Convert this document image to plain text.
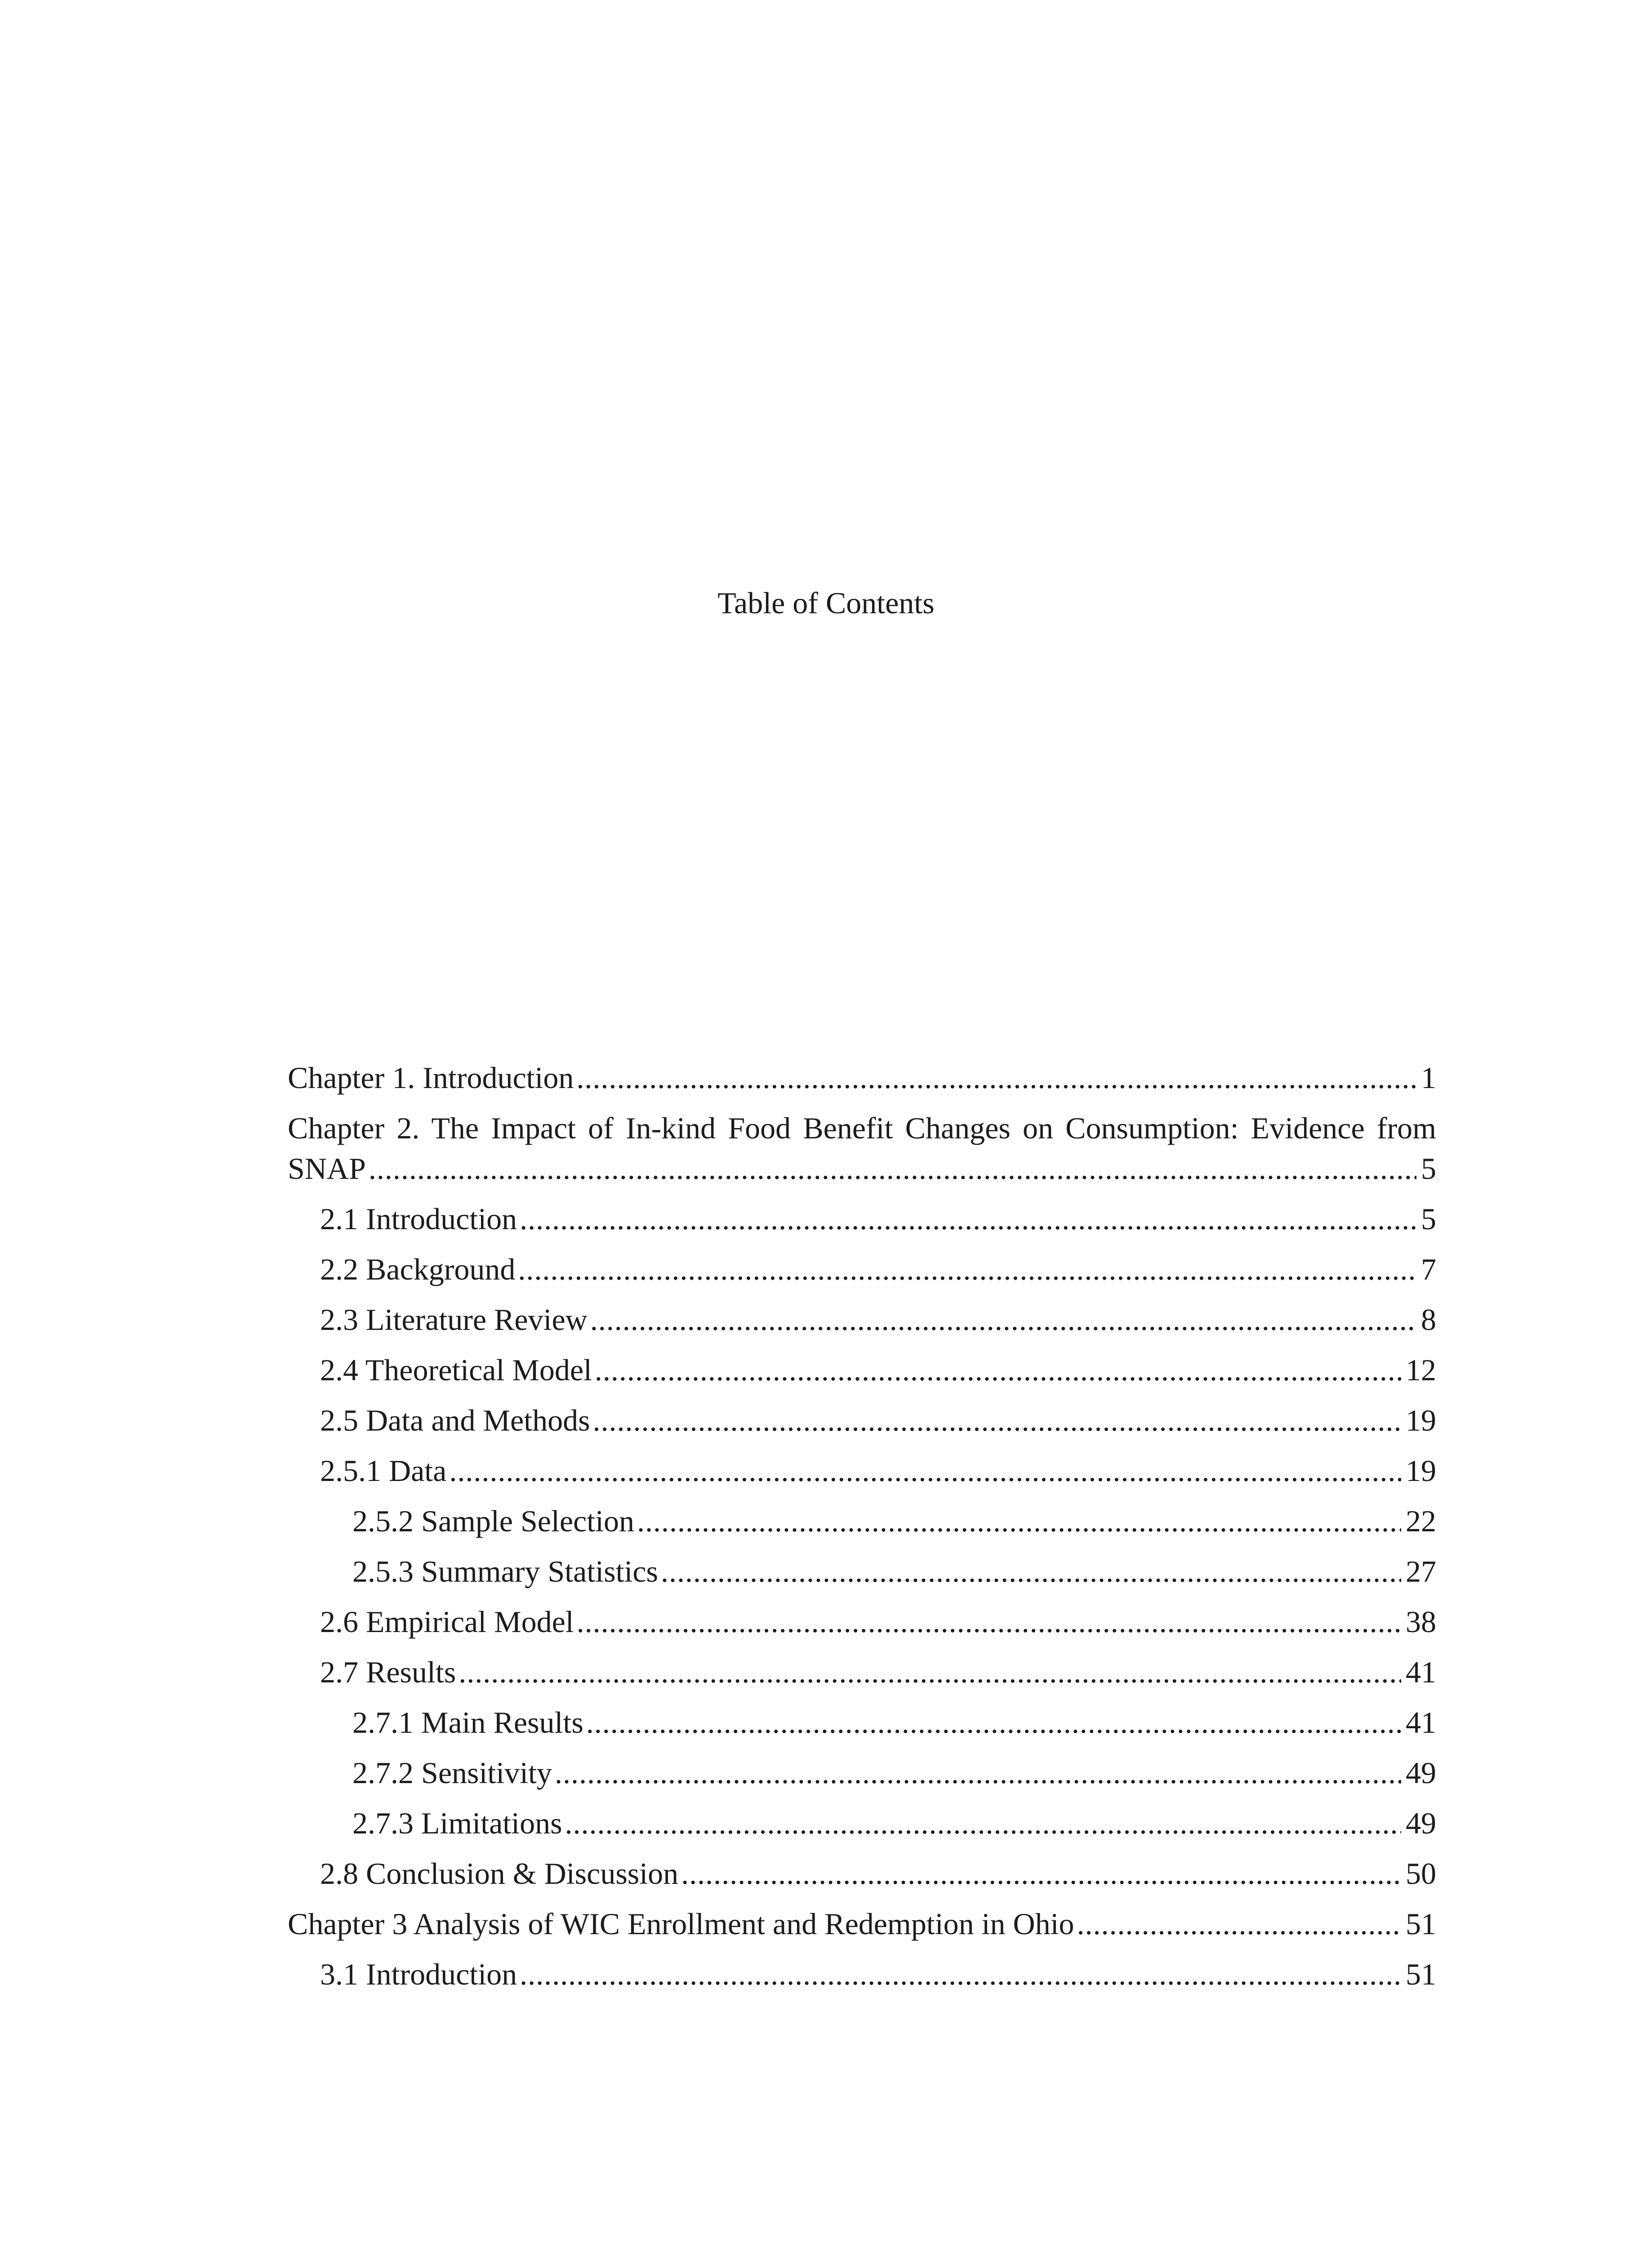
Table of Contents
Chapter 1. Introduction . . .	1
Chapter 2. The Impact of In-kind Food Benefit Changes on Consumption: Evidence from
SNAP . . .	5
2.1 Introduction . . .	5
2.2 Background . . .	7
2.3 Literature Review . . .	8
2.4 Theoretical Model . . .	12
2.5 Data and Methods . . .	19
2.5.1 Data . . .	19
2.5.2 Sample Selection . . .	22
2.5.3 Summary Statistics . . .	27
2.6 Empirical Model . . .	38
2.7 Results . . .	41
2.7.1 Main Results . . .	41
2.7.2 Sensitivity . . .	49
2.7.3 Limitations . . .	49
2.8 Conclusion & Discussion . . .	50
Chapter 3 Analysis of WIC Enrollment and Redemption in Ohio . . .	51
3.1 Introduction . . .	51
